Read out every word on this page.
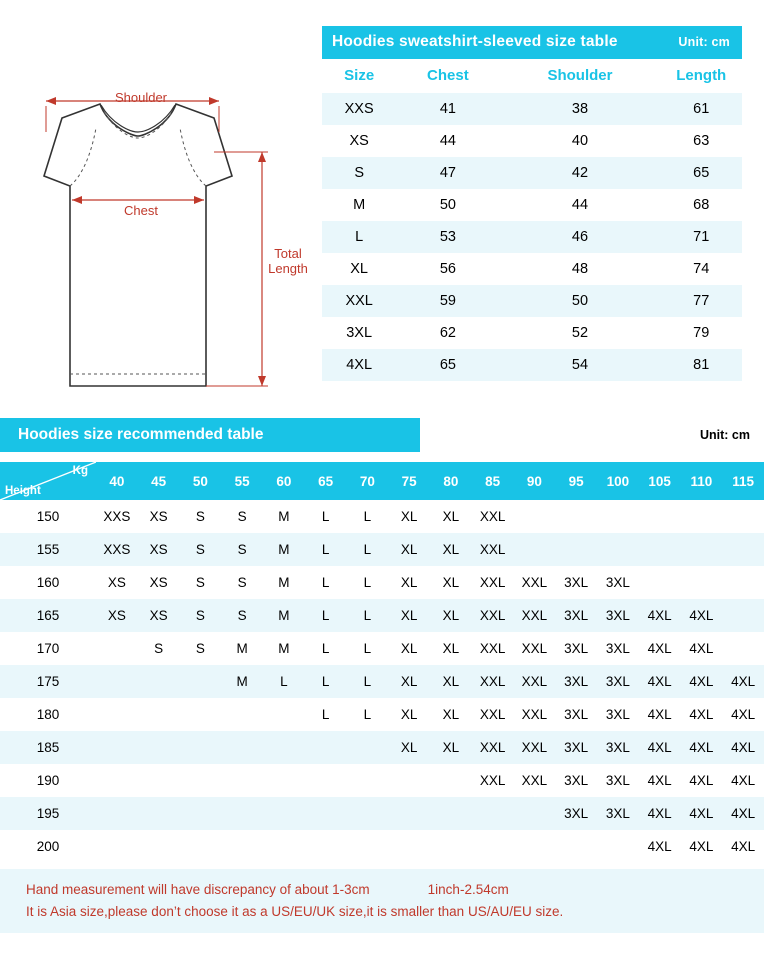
Shoulder
Chest
Total
Length
Hoodies sweatshirt-sleeved size table			Unit: cm
Size	Chest	Shoulder	Length
XXS	41	38	61
XS	44	40	63
S	47	42	65
M	50	44	68
L	53	46	71
XL	56	48	74
XXL	59	50	77
3XL	62	52	79
4XL	65	54	81
Hoodies size recommended table	Unit: cm
Kg
Height	40	45	50	55	60	65	70	75	80	85	90	95	100	105	110	115
150	XXS	XS	S	S	M	L	L	XL	XL	XXL						
155	XXS	XS	S	S	M	L	L	XL	XL	XXL						
160	XS	XS	S	S	M	L	L	XL	XL	XXL	XXL	3XL	3XL			
165	XS	XS	S	S	M	L	L	XL	XL	XXL	XXL	3XL	3XL	4XL	4XL	
170		S	S	M	M	L	L	XL	XL	XXL	XXL	3XL	3XL	4XL	4XL	
175				M	L	L	L	XL	XL	XXL	XXL	3XL	3XL	4XL	4XL	4XL
180						L	L	XL	XL	XXL	XXL	3XL	3XL	4XL	4XL	4XL
185								XL	XL	XXL	XXL	3XL	3XL	4XL	4XL	4XL
190										XXL	XXL	3XL	3XL	4XL	4XL	4XL
195												3XL	3XL	4XL	4XL	4XL
200														4XL	4XL	4XL
Hand measurement will have discrepancy of about 1-3cm	1inch-2.54cm
It is Asia size,please don’t choose it as a US/EU/UK size,it is smaller than US/AU/EU size.
